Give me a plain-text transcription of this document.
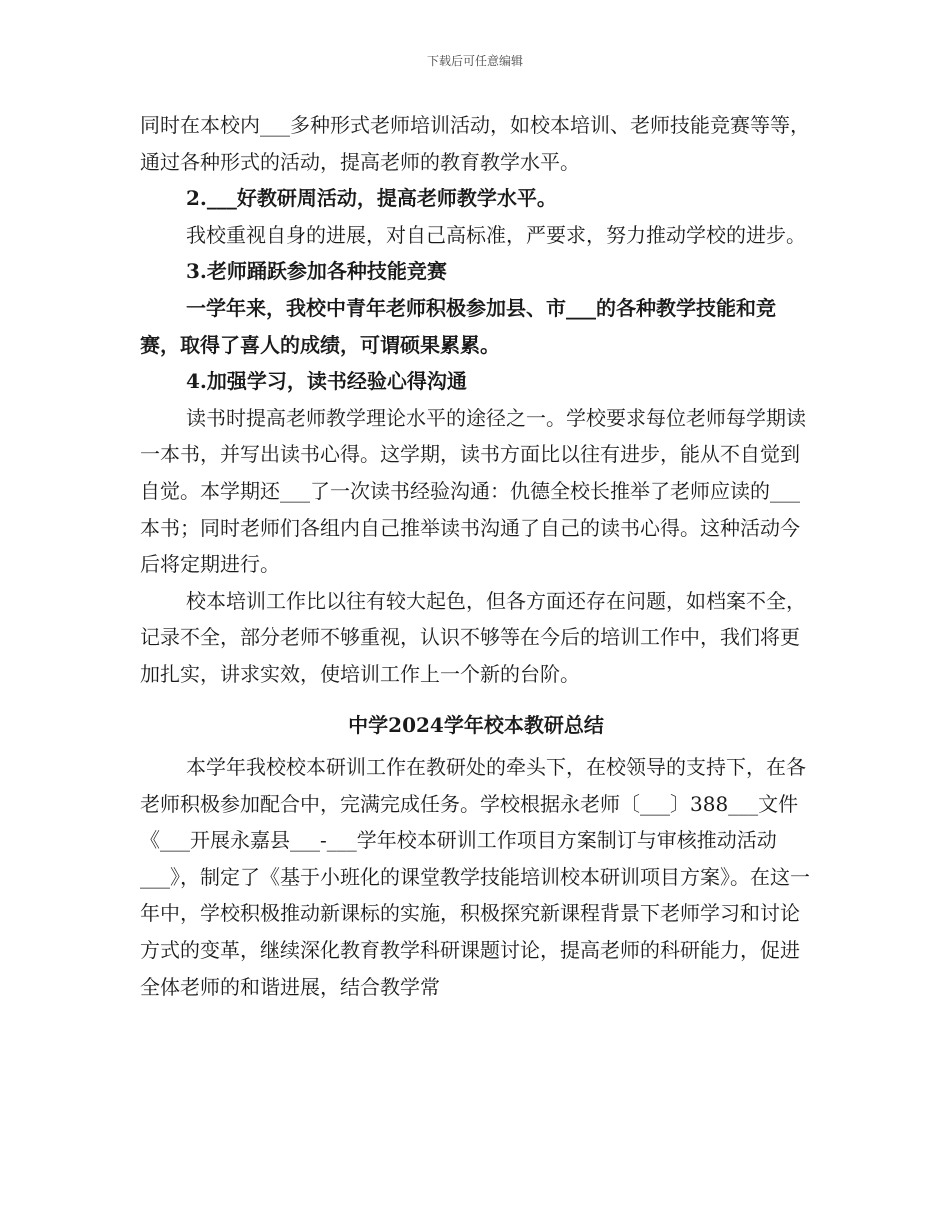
下载后可任意编辑

同时在本校内___多种形式老师培训活动，如校本培训、老师技能竞赛等等，通过各种形式的活动，提高老师的教育教学水平。

2.___好教研周活动，提高老师教学水平。

我校重视自身的进展，对自己高标准，严要求，努力推动学校的进步。

3.老师踊跃参加各种技能竞赛

一学年来，我校中青年老师积极参加县、市___的各种教学技能和竞赛，取得了喜人的成绩，可谓硕果累累。

4.加强学习，读书经验心得沟通

读书时提高老师教学理论水平的途径之一。学校要求每位老师每学期读一本书，并写出读书心得。这学期，读书方面比以往有进步，能从不自觉到自觉。本学期还___了一次读书经验沟通：仇德全校长推举了老师应读的___本书；同时老师们各组内自己推举读书沟通了自己的读书心得。这种活动今后将定期进行。

校本培训工作比以往有较大起色，但各方面还存在问题，如档案不全，记录不全，部分老师不够重视，认识不够等在今后的培训工作中，我们将更加扎实，讲求实效，使培训工作上一个新的台阶。

中学2024学年校本教研总结

本学年我校校本研训工作在教研处的牵头下，在校领导的支持下，在各老师积极参加配合中，完满完成任务。学校根据永老师〔___〕388___文件《___开展永嘉县___-___学年校本研训工作项目方案制订与审核推动活动___》，制定了《基于小班化的课堂教学技能培训校本研训项目方案》。在这一年中，学校积极推动新课标的实施，积极探究新课程背景下老师学习和讨论方式的变革，继续深化教育教学科研课题讨论，提高老师的科研能力，促进全体老师的和谐进展，结合教学常
